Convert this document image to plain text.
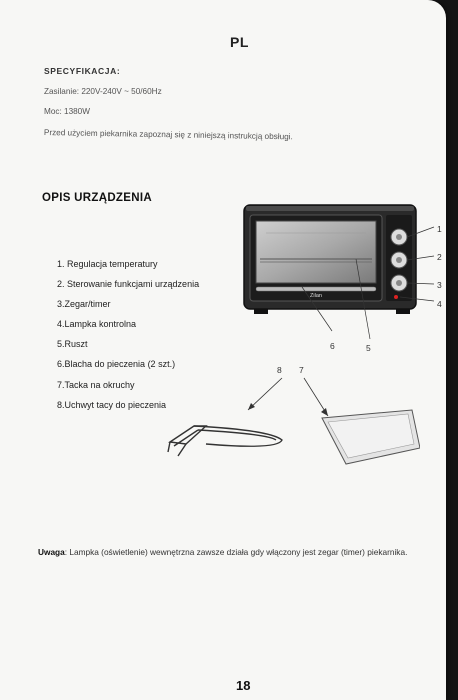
PL
SPECYFIKACJA:
Zasilanie: 220V-240V ~ 50/60Hz
Moc: 1380W
Przed użyciem piekarnika zapoznaj się z niniejszą instrukcją obsługi.
OPIS URZĄDZENIA
1. Regulacja temperatury
2. Sterowanie funkcjami urządzenia
3.Zegar/timer
4.Lampka kontrolna
5.Ruszt
6.Blacha do pieczenia (2 szt.)
7.Tacka na okruchy
8.Uchwyt tacy do pieczenia
Zilan
1
2
3
4
5
6
7
8
Uwaga: Lampka (oświetlenie) wewnętrzna zawsze działa gdy włączony jest zegar (timer) piekarnika.
18
